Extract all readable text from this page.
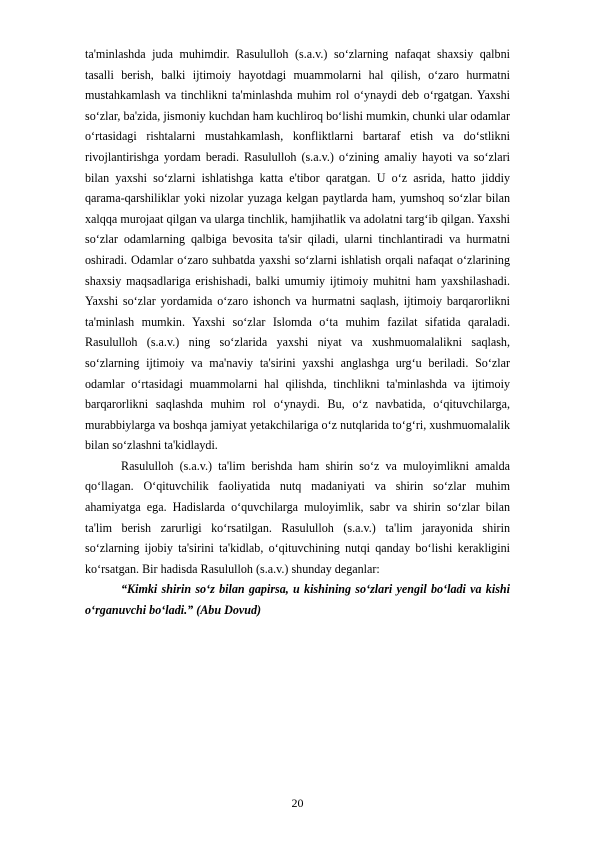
ta'minlashda juda muhimdir. Rasululloh (s.a.v.) so‘zlarning nafaqat shaxsiy qalbni tasalli berish, balki ijtimoiy hayotdagi muammolarni hal qilish, o‘zaro hurmatni mustahkamlash va tinchlikni ta'minlashda muhim rol o‘ynaydi deb o‘rgatgan. Yaxshi so‘zlar, ba'zida, jismoniy kuchdan ham kuchliroq bo‘lishi mumkin, chunki ular odamlar o‘rtasidagi rishtalarni mustahkamlash, konfliktlarni bartaraf etish va do‘stlikni rivojlantirishga yordam beradi. Rasululloh (s.a.v.) o‘zining amaliy hayoti va so‘zlari bilan yaxshi so‘zlarni ishlatishga katta e'tibor qaratgan. U o‘z asrida, hatto jiddiy qarama-qarshiliklar yoki nizolar yuzaga kelgan paytlarda ham, yumshoq so‘zlar bilan xalqqa murojaat qilgan va ularga tinchlik, hamjihatlik va adolatni targ‘ib qilgan. Yaxshi so‘zlar odamlarning qalbiga bevosita ta'sir qiladi, ularni tinchlantiradi va hurmatni oshiradi. Odamlar o‘zaro suhbatda yaxshi so‘zlarni ishlatish orqali nafaqat o‘zlarining shaxsiy maqsadlariga erishishadi, balki umumiy ijtimoiy muhitni ham yaxshilashadi. Yaxshi so‘zlar yordamida o‘zaro ishonch va hurmatni saqlash, ijtimoiy barqarorlikni ta'minlash mumkin. Yaxshi so‘zlar Islomda o‘ta muhim fazilat sifatida qaraladi. Rasululloh (s.a.v.) ning so‘zlarida yaxshi niyat va xushmuomalalikni saqlash, so‘zlarning ijtimoiy va ma'naviy ta'sirini yaxshi anglashga urg‘u beriladi. So‘zlar odamlar o‘rtasidagi muammolarni hal qilishda, tinchlikni ta'minlashda va ijtimoiy barqarorlikni saqlashda muhim rol o‘ynaydi. Bu, o‘z navbatida, o‘qituvchilarga, murabbiylarga va boshqa jamiyat yetakchilariga o‘z nutqlarida to‘g‘ri, xushmuomalalik bilan so‘zlashni ta'kidlaydi.

Rasululloh (s.a.v.) ta'lim berishda ham shirin so‘z va muloyimlikni amalda qo‘llagan. O‘qituvchilik faoliyatida nutq madaniyati va shirin so‘zlar muhim ahamiyatga ega. Hadislarda o‘quvchilarga muloyimlik, sabr va shirin so‘zlar bilan ta'lim berish zarurligi ko‘rsatilgan. Rasululloh (s.a.v.) ta'lim jarayonida shirin so‘zlarning ijobiy ta'sirini ta'kidlab, o‘qituvchining nutqi qanday bo‘lishi kerakligini ko‘rsatgan. Bir hadisda Rasululloh (s.a.v.) shunday deganlar:

“Kimki shirin so‘z bilan gapirsa, u kishining so‘zlari yengil bo‘ladi va kishi o‘rganuvchi bo‘ladi.” (Abu Dovud)

20
